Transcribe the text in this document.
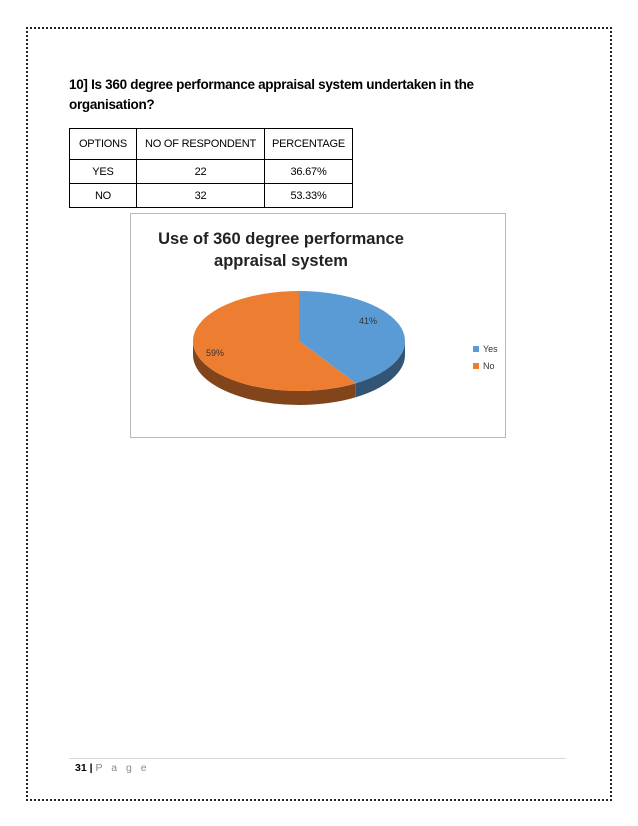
10] Is 360 degree performance appraisal system undertaken in the organisation?
OPTIONS	NO OF RESPONDENT	PERCENTAGE
YES	22	36.67%
NO	32	53.33%
Use of 360 degree performance appraisal system
41%
59%	Yes
No
31 | P a g e
